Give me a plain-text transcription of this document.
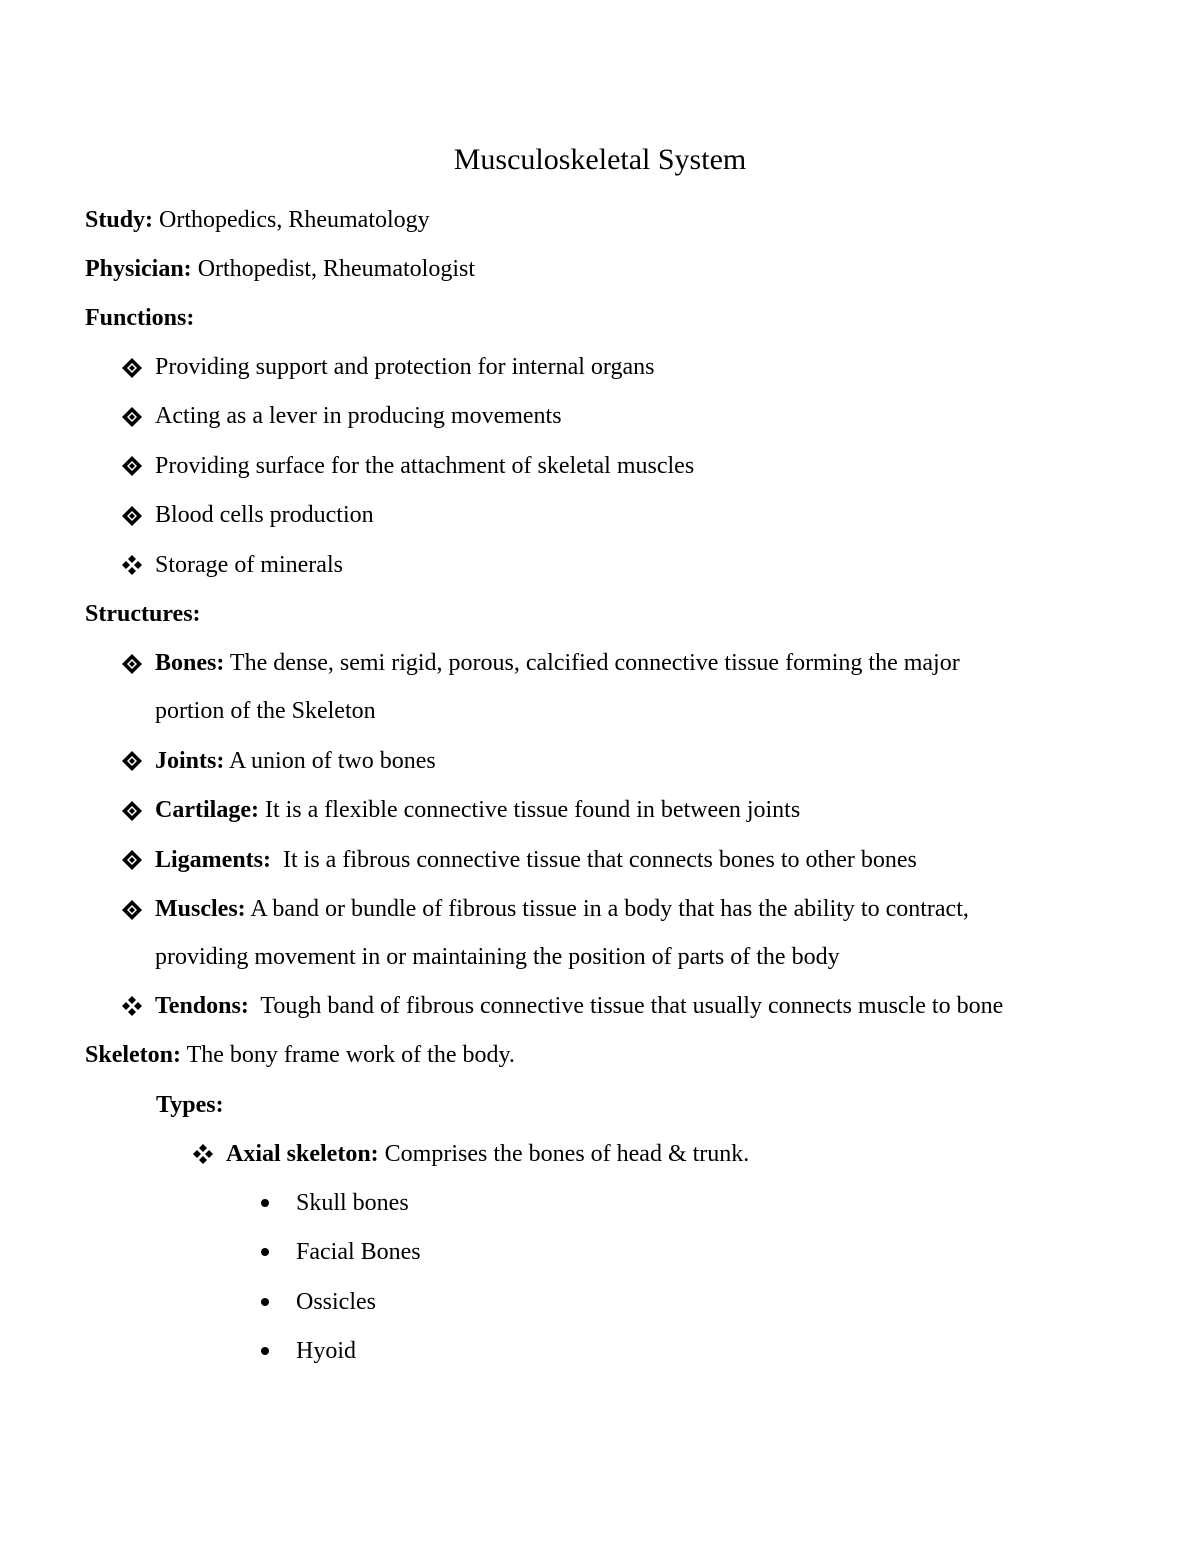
Musculoskeletal System
Study: Orthopedics, Rheumatology
Physician: Orthopedist, Rheumatologist
Functions:
Providing support and protection for internal organs
Acting as a lever in producing movements
Providing surface for the attachment of skeletal muscles
Blood cells production
Storage of minerals
Structures:
Bones: The dense, semi rigid, porous, calcified connective tissue forming the major
portion of the Skeleton
Joints: A union of two bones
Cartilage: It is a flexible connective tissue found in between joints
Ligaments:  It is a fibrous connective tissue that connects bones to other bones
Muscles: A band or bundle of fibrous tissue in a body that has the ability to contract,
providing movement in or maintaining the position of parts of the body
Tendons:  Tough band of fibrous connective tissue that usually connects muscle to bone
Skeleton: The bony frame work of the body.
Types:
Axial skeleton: Comprises the bones of head & trunk.
Skull bones
Facial Bones
Ossicles
Hyoid
